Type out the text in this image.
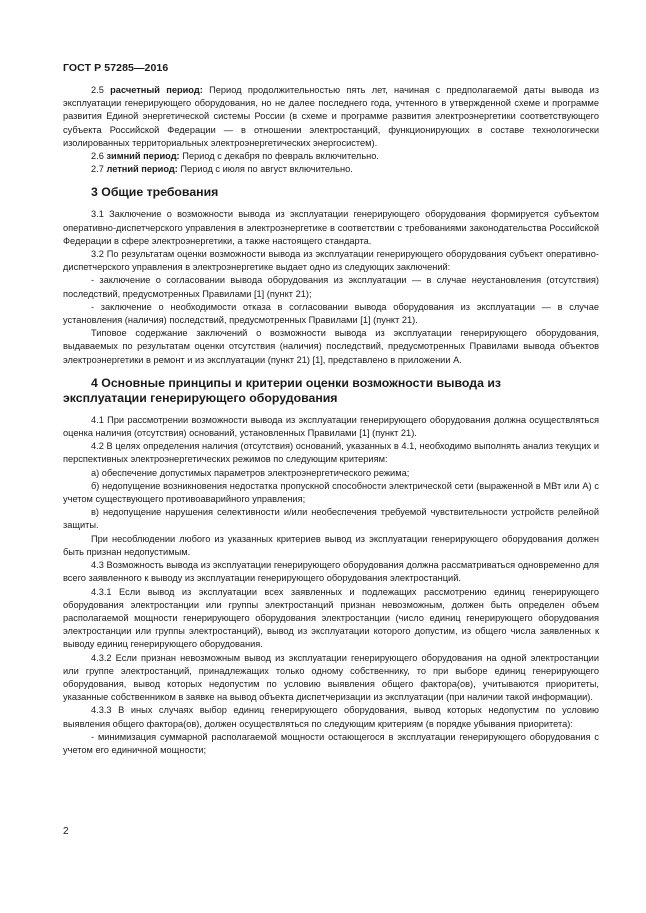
ГОСТ Р 57285—2016

2.5 расчетный период: Период продолжительностью пять лет, начиная с предполагаемой даты вывода из эксплуатации генерирующего оборудования, но не далее последнего года, учтенного в утвержденной схеме и программе развития Единой энергетической системы России (в схеме и программе развития электроэнергетики соответствующего субъекта Российской Федерации — в отношении электростанций, функционирующих в составе технологически изолированных территориальных электроэнергетических энергосистем).

2.6 зимний период: Период с декабря по февраль включительно.

2.7 летний период: Период с июля по август включительно.

3 Общие требования

3.1 Заключение о возможности вывода из эксплуатации генерирующего оборудования формируется субъектом оперативно-диспетчерского управления в электроэнергетике в соответствии с требованиями законодательства Российской Федерации в сфере электроэнергетики, а также настоящего стандарта.

3.2 По результатам оценки возможности вывода из эксплуатации генерирующего оборудования субъект оперативно-диспетчерского управления в электроэнергетике выдает одно из следующих заключений:

- заключение о согласовании вывода оборудования из эксплуатации — в случае неустановления (отсутствия) последствий, предусмотренных Правилами [1] (пункт 21);

- заключение о необходимости отказа в согласовании вывода оборудования из эксплуатации — в случае установления (наличия) последствий, предусмотренных Правилами [1] (пункт 21).

Типовое содержание заключений о возможности вывода из эксплуатации генерирующего оборудования, выдаваемых по результатам оценки отсутствия (наличия) последствий, предусмотренных Правилами вывода объектов электроэнергетики в ремонт и из эксплуатации (пункт 21) [1], представлено в приложении А.

4 Основные принципы и критерии оценки возможности вывода из
эксплуатации генерирующего оборудования

4.1 При рассмотрении возможности вывода из эксплуатации генерирующего оборудования должна осуществляться оценка наличия (отсутствия) оснований, установленных Правилами [1] (пункт 21).

4.2 В целях определения наличия (отсутствия) оснований, указанных в 4.1, необходимо выполнять анализ текущих и перспективных электроэнергетических режимов по следующим критериям:

а) обеспечение допустимых параметров электроэнергетического режима;

б) недопущение возникновения недостатка пропускной способности электрической сети (выраженной в МВт или А) с учетом существующего противоаварийного управления;

в) недопущение нарушения селективности и/или необеспечения требуемой чувствительности устройств релейной защиты.

При несоблюдении любого из указанных критериев вывод из эксплуатации генерирующего оборудования должен быть признан недопустимым.

4.3 Возможность вывода из эксплуатации генерирующего оборудования должна рассматриваться одновременно для всего заявленного к выводу из эксплуатации генерирующего оборудования электростанций.

4.3.1 Если вывод из эксплуатации всех заявленных и подлежащих рассмотрению единиц генерирующего оборудования электростанции или группы электростанций признан невозможным, должен быть определен объем располагаемой мощности генерирующего оборудования электростанции (число единиц генерирующего оборудования электростанции или группы электростанций), вывод из эксплуатации которого допустим, из общего числа заявленных к выводу единиц генерирующего оборудования.

4.3.2 Если признан невозможным вывод из эксплуатации генерирующего оборудования на одной электростанции или группе электростанций, принадлежащих только одному собственнику, то при выборе единиц генерирующего оборудования, вывод которых недопустим по условию выявления общего фактора(ов), учитываются приоритеты, указанные собственником в заявке на вывод объекта диспетчеризации из эксплуатации (при наличии такой информации).

4.3.3 В иных случаях выбор единиц генерирующего оборудования, вывод которых недопустим по условию выявления общего фактора(ов), должен осуществляться по следующим критериям (в порядке убывания приоритета):

- минимизация суммарной располагаемой мощности остающегося в эксплуатации генерирующего оборудования с учетом его единичной мощности;

2
